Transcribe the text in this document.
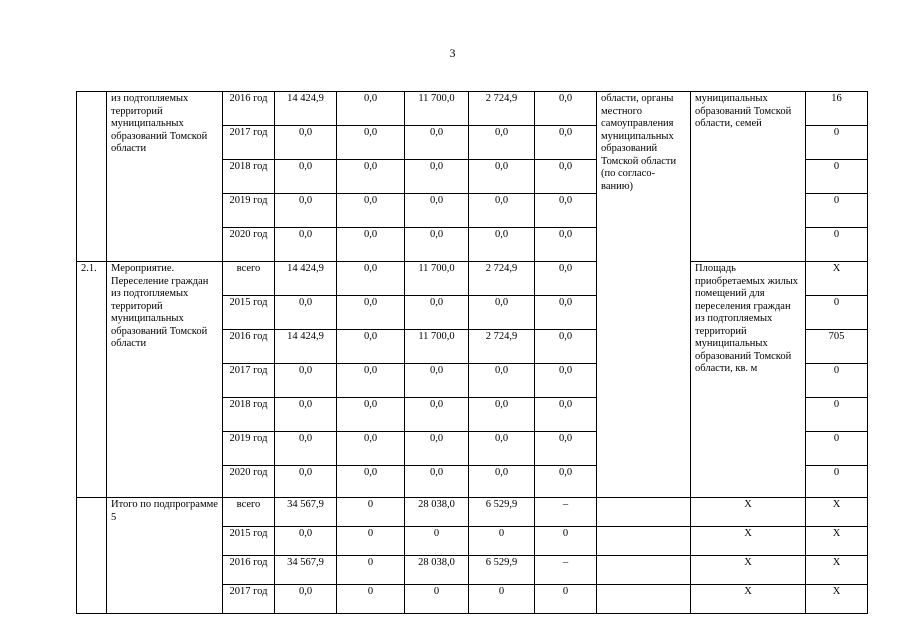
3
	из подтопляемых территорий муниципальных образований Томской области	2016 год	14 424,9	0,0	11 700,0	2 724,9	0,0	области, органы местного самоуправления муниципальных образований Томской области (по согласо-ванию)	муниципальных образований Томской области, семей	16
		2017 год	0,0	0,0	0,0	0,0	0,0			0
		2018 год	0,0	0,0	0,0	0,0	0,0			0
		2019 год	0,0	0,0	0,0	0,0	0,0			0
		2020 год	0,0	0,0	0,0	0,0	0,0			0
2.1.	Мероприятие. Переселение граждан из подтопляемых территорий муниципальных образований Томской области	всего	14 424,9	0,0	11 700,0	2 724,9	0,0		Площадь приобретаемых жилых помещений для переселения граждан из подтопляемых территорий муниципальных образований Томской области, кв. м	Х
		2015 год	0,0	0,0	0,0	0,0	0,0			0
		2016 год	14 424,9	0,0	11 700,0	2 724,9	0,0			705
		2017 год	0,0	0,0	0,0	0,0	0,0			0
		2018 год	0,0	0,0	0,0	0,0	0,0			0
		2019 год	0,0	0,0	0,0	0,0	0,0			0
		2020 год	0,0	0,0	0,0	0,0	0,0			0
	Итого по подпрограмме 5	всего	34 567,9	0	28 038,0	6 529,9	–		Х	Х
		2015 год	0,0	0	0	0	0		Х	Х
		2016 год	34 567,9	0	28 038,0	6 529,9	–		Х	Х
		2017 год	0,0	0	0	0	0		Х	Х
